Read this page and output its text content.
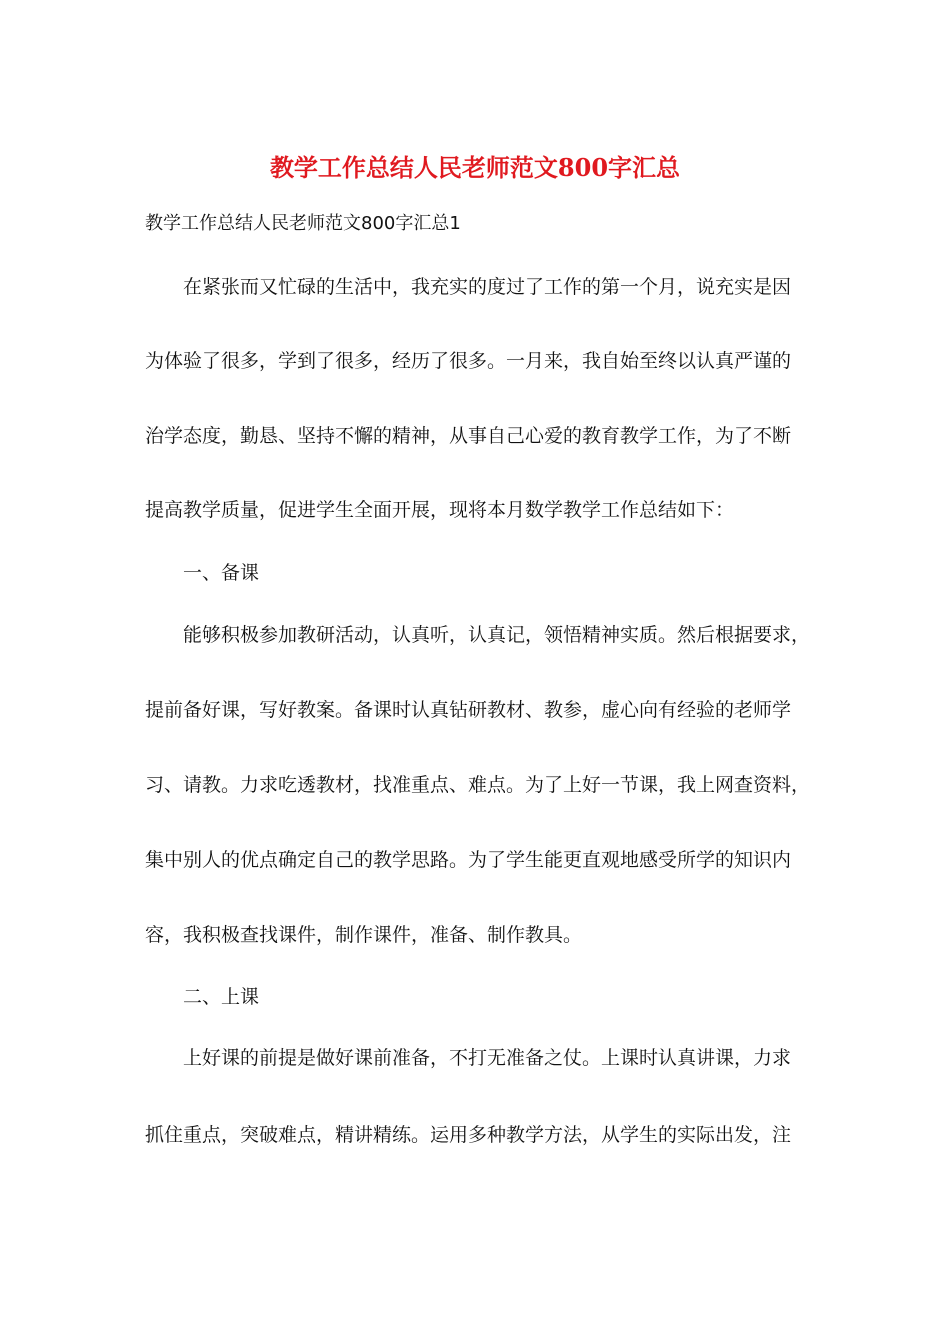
教学工作总结人民老师范文800字汇总
教学工作总结人民老师范文800字汇总1
在紧张而又忙碌的生活中，我充实的度过了工作的第一个月，说充实是因
为体验了很多，学到了很多，经历了很多。一月来，我自始至终以认真严谨的
治学态度，勤恳、坚持不懈的精神，从事自己心爱的教育教学工作，为了不断
提高教学质量，促进学生全面开展，现将本月数学教学工作总结如下：
一、备课
能够积极参加教研活动，认真听，认真记，领悟精神实质。然后根据要求，
提前备好课，写好教案。备课时认真钻研教材、教参，虚心向有经验的老师学
习、请教。力求吃透教材，找准重点、难点。为了上好一节课，我上网查资料，
集中别人的优点确定自己的教学思路。为了学生能更直观地感受所学的知识内
容，我积极查找课件，制作课件，准备、制作教具。
二、上课
上好课的前提是做好课前准备，不打无准备之仗。上课时认真讲课，力求
抓住重点，突破难点，精讲精练。运用多种教学方法，从学生的实际出发，注
